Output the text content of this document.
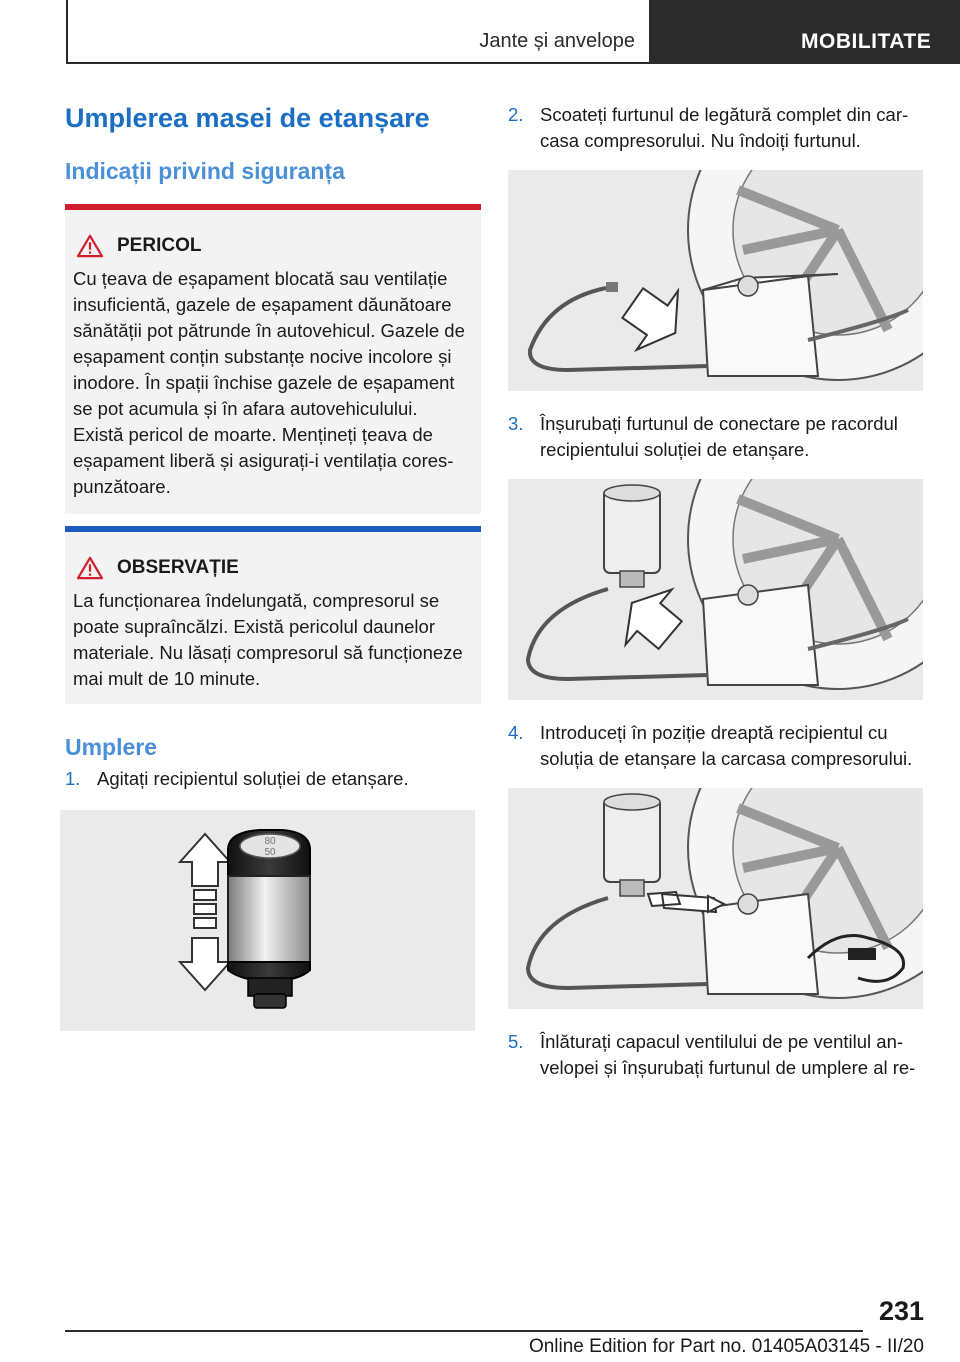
Jante și anvelope	MOBILITATE
Umplerea masei de etanșare
Indicații privind siguranța
PERICOL
Cu țeava de eșapament blocată sau ventilație insuficientă, gazele de eșapament dăunătoare sănătății pot pătrunde în autovehicul. Gazele de eșapament conțin substanțe nocive incolore și inodore. În spații închise gazele de eșapament se pot acumula și în afara autovehiculului. Există pericol de moarte. Mențineți țeava de eșapament liberă și asigurați-i ventilația cores-punzătoare.
OBSERVAȚIE
La funcționarea îndelungată, compresorul se poate supraîncălzi. Există pericolul daunelor materiale. Nu lăsați compresorul să funcționeze mai mult de 10 minute.
Umplere
1. Agitați recipientul soluției de etanșare.
80
50
2. Scoateți furtunul de legătură complet din car-casa compresorului. Nu îndoiți furtunul.
3. Înșurubați furtunul de conectare pe racordul recipientului soluției de etanșare.
4. Introduceți în poziție dreaptă recipientul cu soluția de etanșare la carcasa compresorului.
5. Înlăturați capacul ventilului de pe ventilul an-velopei și înșurubați furtunul de umplere al re-
231
Online Edition for Part no. 01405A03145 - II/20
